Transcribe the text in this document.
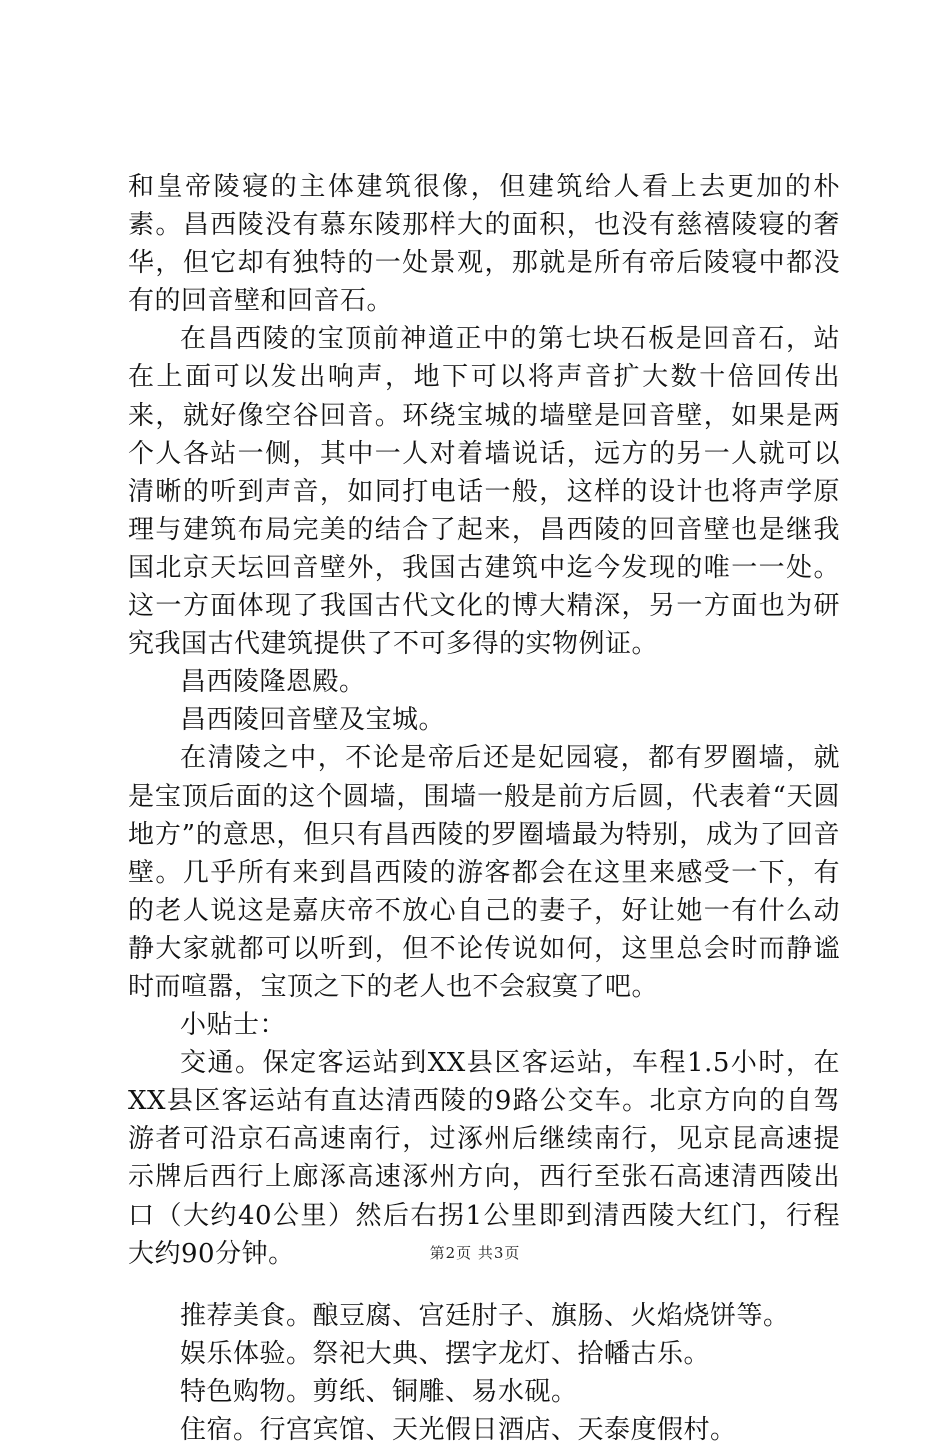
和皇帝陵寝的主体建筑很像，但建筑给人看上去更加的朴素。昌西陵没有慕东陵那样大的面积，也没有慈禧陵寝的奢华，但它却有独特的一处景观，那就是所有帝后陵寝中都没有的回音壁和回音石。

在昌西陵的宝顶前神道正中的第七块石板是回音石，站在上面可以发出响声，地下可以将声音扩大数十倍回传出来，就好像空谷回音。环绕宝城的墙壁是回音壁，如果是两个人各站一侧，其中一人对着墙说话，远方的另一人就可以清晰的听到声音，如同打电话一般，这样的设计也将声学原理与建筑布局完美的结合了起来，昌西陵的回音壁也是继我国北京天坛回音壁外，我国古建筑中迄今发现的唯一一处。这一方面体现了我国古代文化的博大精深，另一方面也为研究我国古代建筑提供了不可多得的实物例证。

昌西陵隆恩殿。

昌西陵回音壁及宝城。

在清陵之中，不论是帝后还是妃园寝，都有罗圈墙，就是宝顶后面的这个圆墙，围墙一般是前方后圆，代表着“天圆地方”的意思，但只有昌西陵的罗圈墙最为特别，成为了回音壁。几乎所有来到昌西陵的游客都会在这里来感受一下，有的老人说这是嘉庆帝不放心自己的妻子，好让她一有什么动静大家就都可以听到，但不论传说如何，这里总会时而静谧时而喧嚣，宝顶之下的老人也不会寂寞了吧。

小贴士：

交通。保定客运站到XX县区客运站，车程1.5小时，在XX县区客运站有直达清西陵的9路公交车。北京方向的自驾游者可沿京石高速南行，过涿州后继续南行，见京昆高速提示牌后西行上廊涿高速涿州方向，西行至张石高速清西陵出口（大约40公里）然后右拐1公里即到清西陵大红门，行程大约90分钟。

推荐美食。酿豆腐、宫廷肘子、旗肠、火焰烧饼等。

娱乐体验。祭祀大典、摆字龙灯、拾幡古乐。

特色购物。剪纸、铜雕、易水砚。

住宿。行宫宾馆、天光假日酒店、天泰度假村。

第2页 共3页
